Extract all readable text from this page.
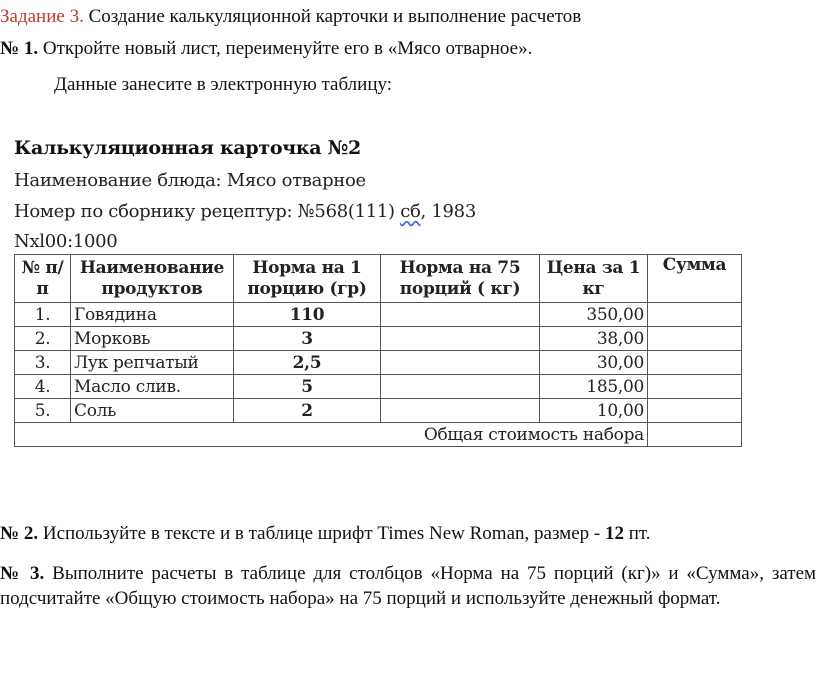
Задание 3. Создание калькуляционной карточки и выполнение расчетов
№ 1. Откройте новый лист, переименуйте его в «Мясо отварное».
Данные занесите в электронную таблицу:
Калькуляционная карточка №2
Наименование блюда: Мясо отварное
Номер по сборнику рецептур: №568(111) сб, 1983
Nxl00:1000
№ п/п	Наименование продуктов	Норма на 1 порцию (гр)	Норма на 75 порций ( кг)	Цена за 1 кг	Сумма
1.	Говядина	110		350,00	
2.	Морковь	3		38,00	
3.	Лук репчатый	2,5		30,00	
4.	Масло слив.	5		185,00	
5.	Соль	2		10,00	
Общая стоимость набора					
№ 2. Используйте в тексте и в таблице шрифт Times New Roman, размер - 12 пт.
№ 3. Выполните расчеты в таблице для столбцов «Норма на 75 порций (кг)» и «Сумма», затем подсчитайте «Общую стоимость набора» на 75 порций и используйте денежный формат.
